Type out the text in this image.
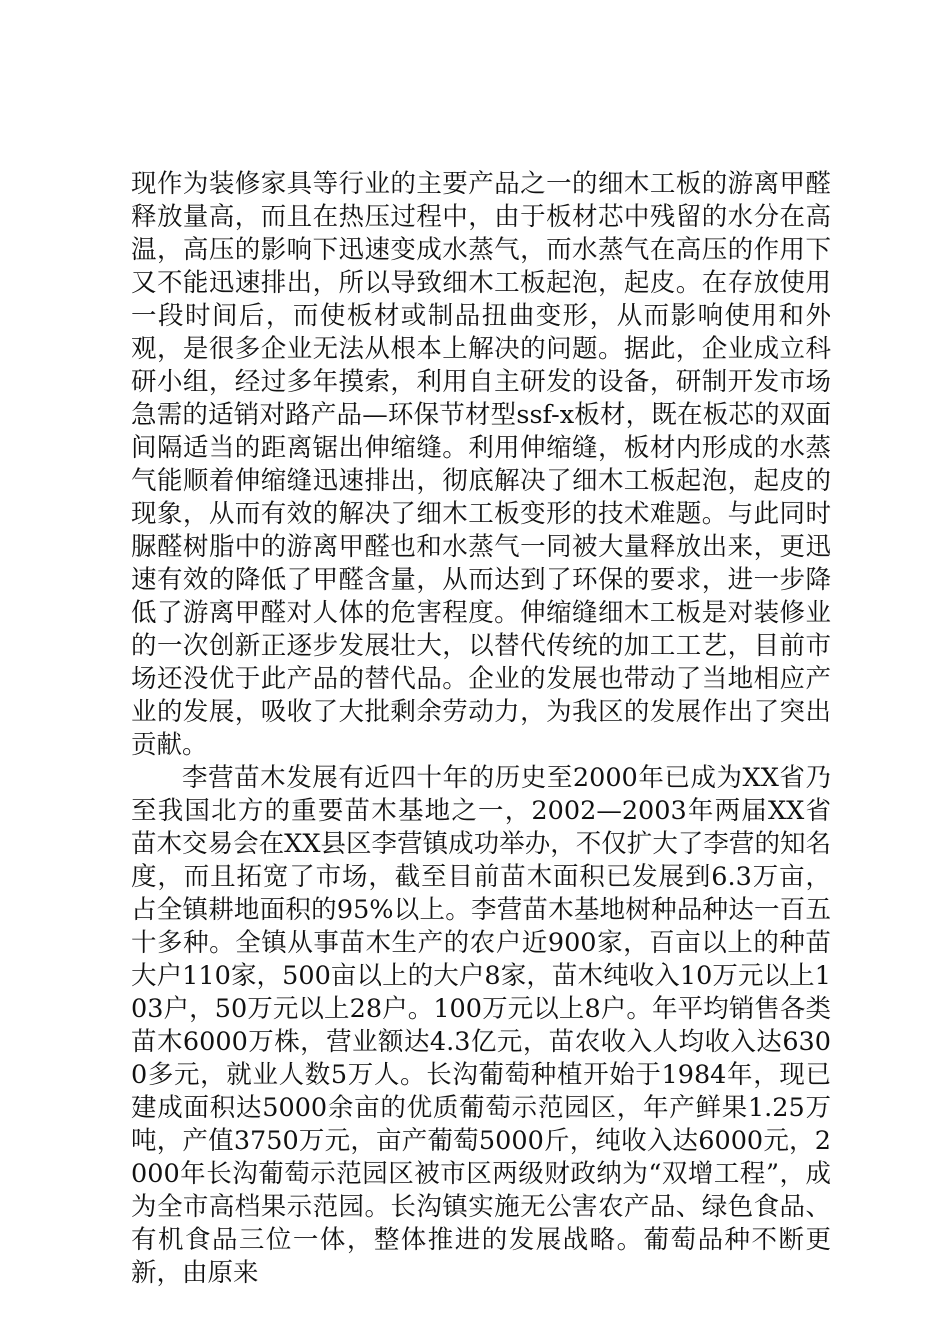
现作为装修家具等行业的主要产品之一的细木工板的游离甲醛释放量高，而且在热压过程中，由于板材芯中残留的水分在高温，高压的影响下迅速变成水蒸气，而水蒸气在高压的作用下又不能迅速排出，所以导致细木工板起泡，起皮。在存放使用一段时间后，而使板材或制品扭曲变形，从而影响使用和外观，是很多企业无法从根本上解决的问题。据此，企业成立科研小组，经过多年摸索，利用自主研发的设备，研制开发市场急需的适销对路产品—环保节材型ssf-x板材，既在板芯的双面间隔适当的距离锯出伸缩缝。利用伸缩缝，板材内形成的水蒸气能顺着伸缩缝迅速排出，彻底解决了细木工板起泡，起皮的现象，从而有效的解决了细木工板变形的技术难题。与此同时脲醛树脂中的游离甲醛也和水蒸气一同被大量释放出来，更迅速有效的降低了甲醛含量，从而达到了环保的要求，进一步降低了游离甲醛对人体的危害程度。伸缩缝细木工板是对装修业的一次创新正逐步发展壮大，以替代传统的加工工艺，目前市场还没优于此产品的替代品。企业的发展也带动了当地相应产业的发展，吸收了大批剩余劳动力，为我区的发展作出了突出贡献。

李营苗木发展有近四十年的历史至2000年已成为XX省乃至我国北方的重要苗木基地之一，2002—2003年两届XX省苗木交易会在XX县区李营镇成功举办，不仅扩大了李营的知名度，而且拓宽了市场，截至目前苗木面积已发展到6.3万亩，占全镇耕地面积的95%以上。李营苗木基地树种品种达一百五十多种。全镇从事苗木生产的农户近900家，百亩以上的种苗大户110家，500亩以上的大户8家，苗木纯收入10万元以上103户，50万元以上28户。100万元以上8户。年平均销售各类苗木6000万株，营业额达4.3亿元，苗农收入人均收入达6300多元，就业人数5万人。长沟葡萄种植开始于1984年，现已建成面积达5000余亩的优质葡萄示范园区，年产鲜果1.25万吨，产值3750万元，亩产葡萄5000斤，纯收入达6000元，2000年长沟葡萄示范园区被市区两级财政纳为“双增工程”，成为全市高档果示范园。长沟镇实施无公害农产品、绿色食品、有机食品三位一体，整体推进的发展战略。葡萄品种不断更新，由原来
